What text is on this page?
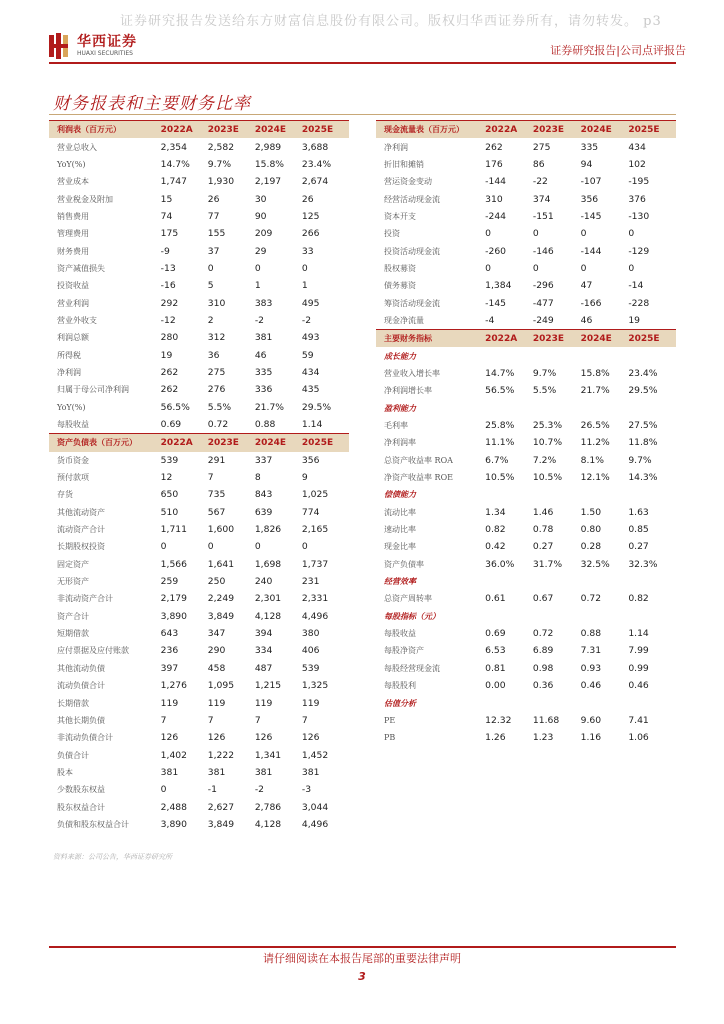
证券研究报告发送给东方财富信息股份有限公司。版权归华西证券所有，请勿转发。 p3
华西证券
HUAXI SECURITIES	证券研究报告|公司点评报告
财务报表和主要财务比率
利润表（百万元）	2022A	2023E	2024E	2025E
营业总收入	2,354	2,582	2,989	3,688
YoY(%)	14.7%	9.7%	15.8%	23.4%
营业成本	1,747	1,930	2,197	2,674
营业税金及附加	15	26	30	26
销售费用	74	77	90	125
管理费用	175	155	209	266
财务费用	-9	37	29	33
资产减值损失	-13	0	0	0
投资收益	-16	5	1	1
营业利润	292	310	383	495
营业外收支	-12	2	-2	-2
利润总额	280	312	381	493
所得税	19	36	46	59
净利润	262	275	335	434
归属于母公司净利润	262	276	336	435
YoY(%)	56.5%	5.5%	21.7%	29.5%
每股收益	0.69	0.72	0.88	1.14
资产负债表（百万元）	2022A	2023E	2024E	2025E
货币资金	539	291	337	356
预付款项	12	7	8	9
存货	650	735	843	1,025
其他流动资产	510	567	639	774
流动资产合计	1,711	1,600	1,826	2,165
长期股权投资	0	0	0	0
固定资产	1,566	1,641	1,698	1,737
无形资产	259	250	240	231
非流动资产合计	2,179	2,249	2,301	2,331
资产合计	3,890	3,849	4,128	4,496
短期借款	643	347	394	380
应付票据及应付账款	236	290	334	406
其他流动负债	397	458	487	539
流动负债合计	1,276	1,095	1,215	1,325
长期借款	119	119	119	119
其他长期负债	7	7	7	7
非流动负债合计	126	126	126	126
负债合计	1,402	1,222	1,341	1,452
股本	381	381	381	381
少数股东权益	0	-1	-2	-3
股东权益合计	2,488	2,627	2,786	3,044
负债和股东权益合计	3,890	3,849	4,128	4,496
现金流量表（百万元）	2022A	2023E	2024E	2025E
净利润	262	275	335	434
折旧和摊销	176	86	94	102
营运资金变动	-144	-22	-107	-195
经营活动现金流	310	374	356	376
资本开支	-244	-151	-145	-130
投资	0	0	0	0
投资活动现金流	-260	-146	-144	-129
股权募资	0	0	0	0
债务募资	1,384	-296	47	-14
筹资活动现金流	-145	-477	-166	-228
现金净流量	-4	-249	46	19
主要财务指标	2022A	2023E	2024E	2025E
成长能力
营业收入增长率	14.7%	9.7%	15.8%	23.4%
净利润增长率	56.5%	5.5%	21.7%	29.5%
盈利能力
毛利率	25.8%	25.3%	26.5%	27.5%
净利润率	11.1%	10.7%	11.2%	11.8%
总资产收益率 ROA	6.7%	7.2%	8.1%	9.7%
净资产收益率 ROE	10.5%	10.5%	12.1%	14.3%
偿债能力
流动比率	1.34	1.46	1.50	1.63
速动比率	0.82	0.78	0.80	0.85
现金比率	0.42	0.27	0.28	0.27
资产负债率	36.0%	31.7%	32.5%	32.3%
经营效率
总资产周转率	0.61	0.67	0.72	0.82
每股指标（元）
每股收益	0.69	0.72	0.88	1.14
每股净资产	6.53	6.89	7.31	7.99
每股经营现金流	0.81	0.98	0.93	0.99
每股股利	0.00	0.36	0.46	0.46
估值分析
PE	12.32	11.68	9.60	7.41
PB	1.26	1.23	1.16	1.06
资料来源：公司公告，华西证券研究所
请仔细阅读在本报告尾部的重要法律声明
3
